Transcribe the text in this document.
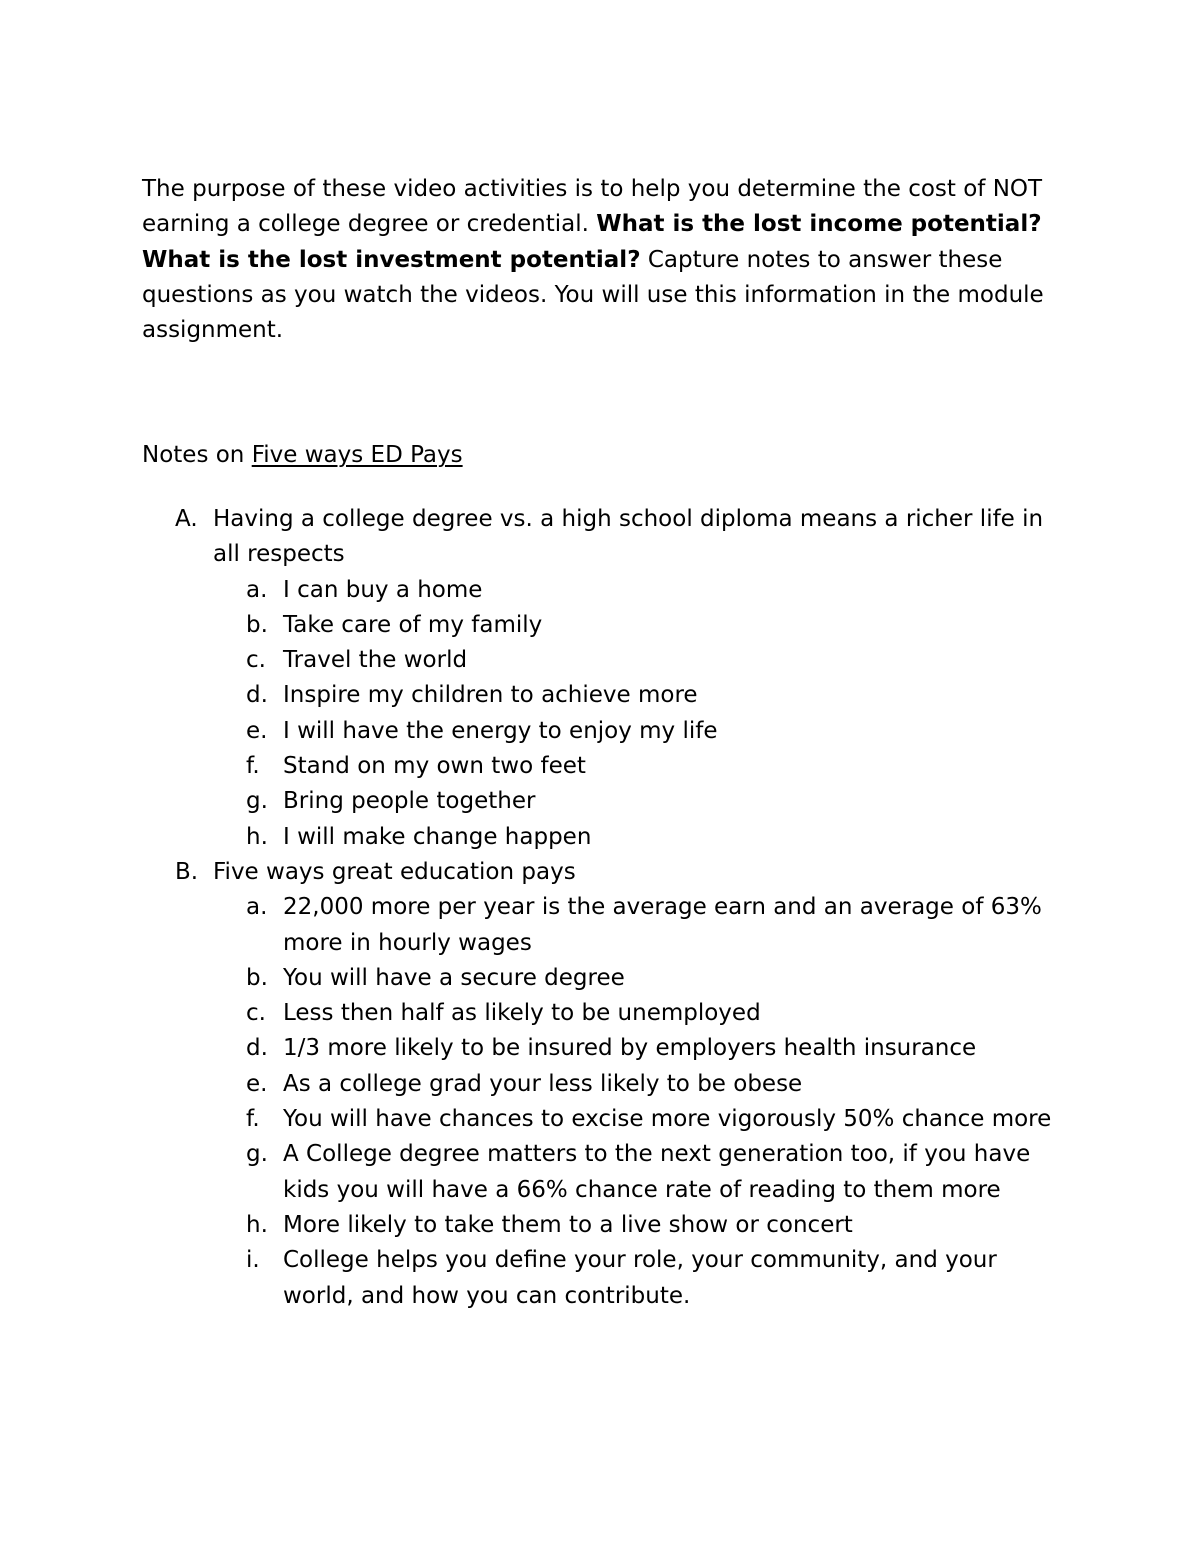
The purpose of these video activities is to help you determine the cost of NOT earning a college degree or credential. What is the lost income potential? What is the lost investment potential? Capture notes to answer these questions as you watch the videos. You will use this information in the module assignment.

Notes on Five ways ED Pays

A. Having a college degree vs. a high school diploma means a richer life in all respects
a. I can buy a home
b. Take care of my family
c. Travel the world
d. Inspire my children to achieve more
e. I will have the energy to enjoy my life
f. Stand on my own two feet
g. Bring people together
h. I will make change happen
B. Five ways great education pays
a. 22,000 more per year is the average earn and an average of 63% more in hourly wages
b. You will have a secure degree
c. Less then half as likely to be unemployed
d. 1/3 more likely to be insured by employers health insurance
e. As a college grad your less likely to be obese
f. You will have chances to excise more vigorously 50% chance more
g. A College degree matters to the next generation too, if you have kids you will have a 66% chance rate of reading to them more
h. More likely to take them to a live show or concert
i. College helps you define your role, your community, and your world, and how you can contribute.
